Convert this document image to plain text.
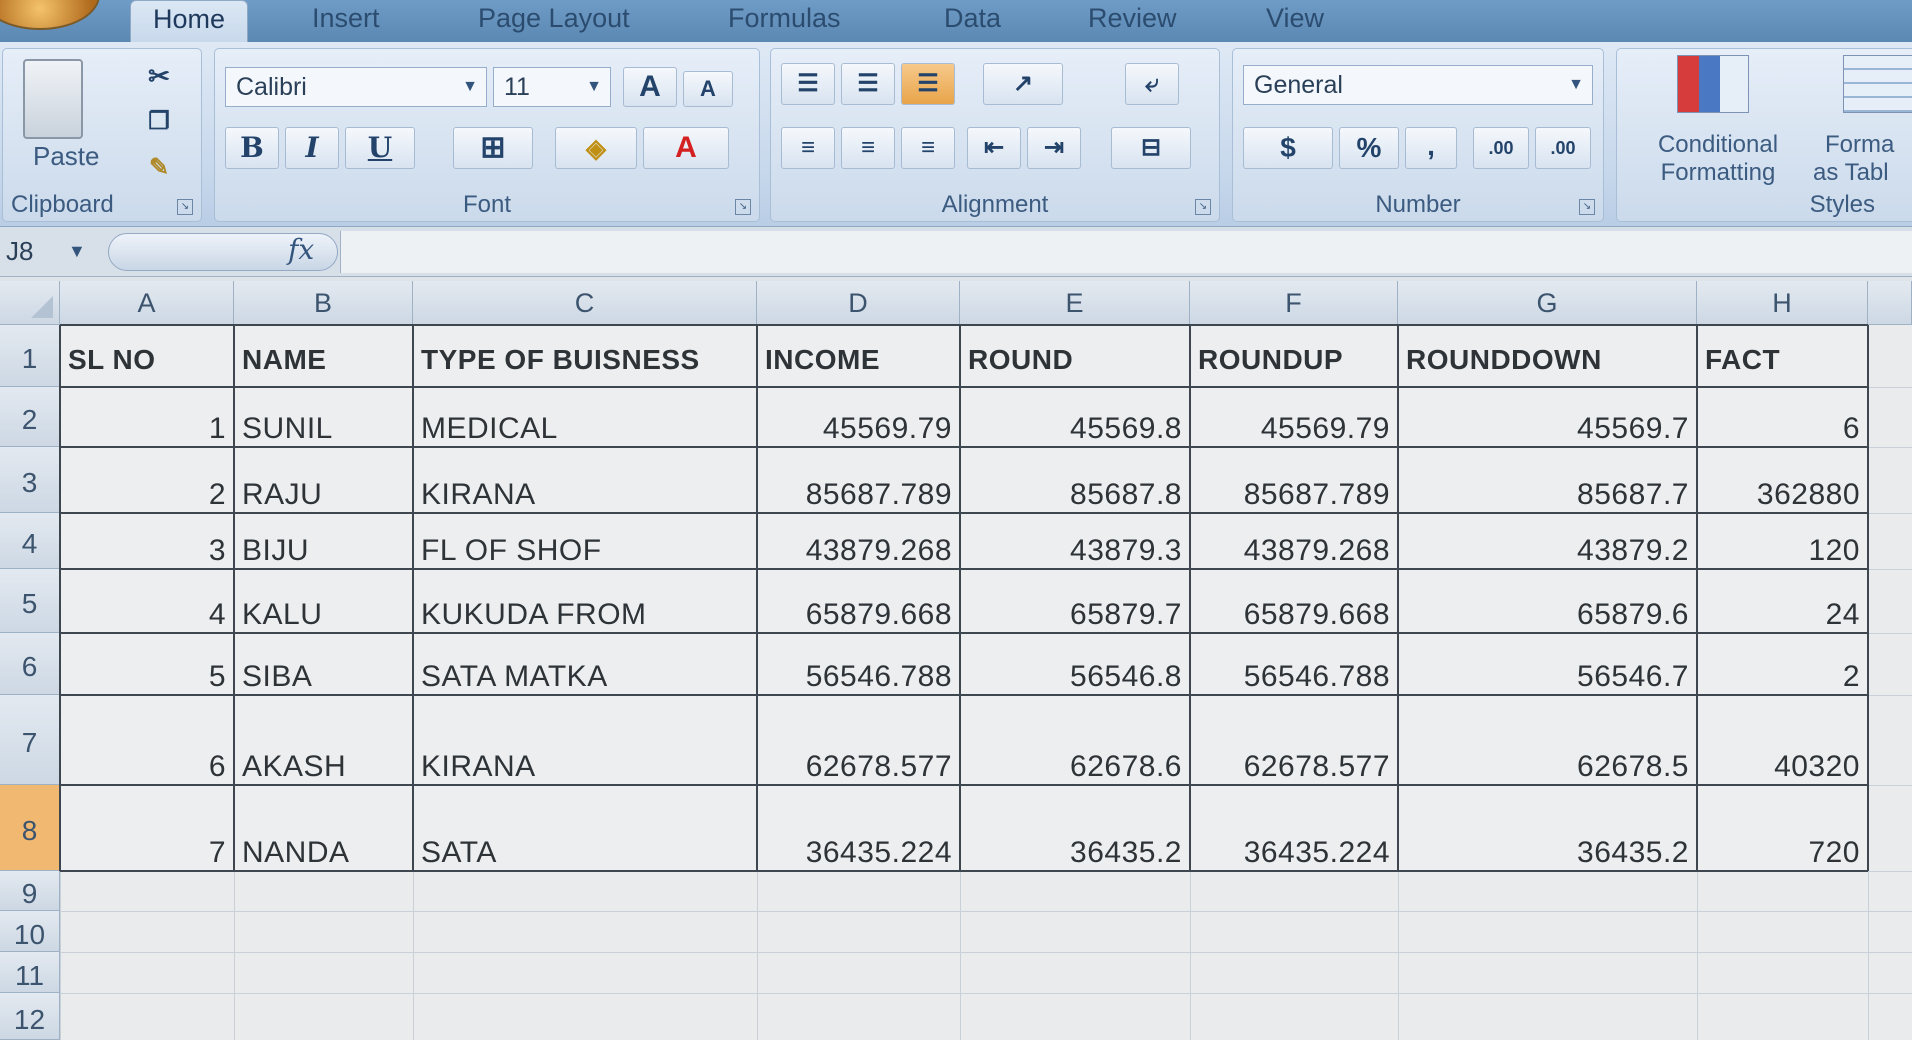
Home	Insert	Page Layout	Formulas	Data	Review	View
Paste
✂
❐
✎
Clipboard	↘
Calibri	▼	11	▼	A	A
B	I	U	⊞	◈	A
Font	↘
☰	☰	☰	↗	⤶
≡	≡	≡	⇤	⇥	⊟
Alignment	↘
General	▼
$	%	,	.00	.00
Number	↘
Conditional
Formatting
Forma
as Tabl
Styles
J8	▼	fx
A	B	C	D	E	F	G	H
1
2
3
4
5
6
7
8
9
10
11
12
SL NO	NAME	TYPE OF BUISNESS	INCOME	ROUND	ROUNDUP	ROUNDDOWN	FACT
1 SUNIL	MEDICAL	45569.79	45569.8	45569.79	45569.7	6
2 RAJU	KIRANA	85687.789	85687.8	85687.789	85687.7	362880
3 BIJU	FL OF SHOF	43879.268	43879.3	43879.268	43879.2	120
4 KALU	KUKUDA FROM	65879.668	65879.7	65879.668	65879.6	24
5 SIBA	SATA MATKA	56546.788	56546.8	56546.788	56546.7	2
6 AKASH	KIRANA	62678.577	62678.6	62678.577	62678.5	40320
7 NANDA	SATA	36435.224	36435.2	36435.224	36435.2	720
